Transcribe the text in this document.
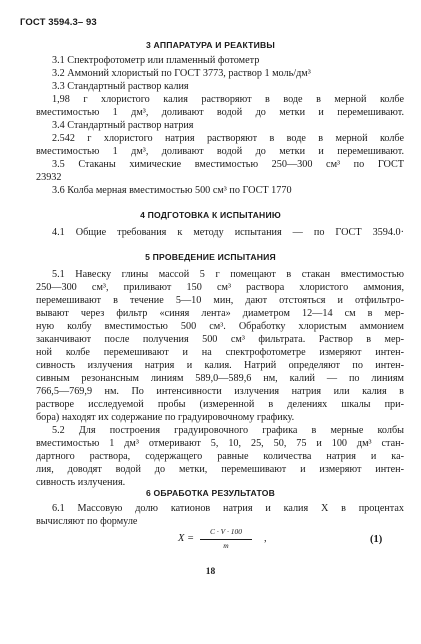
ГОСТ 3594.3– 93
3 АППАРАТУРА И РЕАКТИВЫ
3.1 Спектрофотометр или пламенный фотометр
3.2 Аммоний хлористый по ГОСТ 3773, раствор 1 моль/дм³
3.3 Стандартный раствор калия
1,98 г хлористого калия растворяют в воде в мерной колбе
вместимостью 1 дм³, доливают водой до метки и перемешивают.
3.4 Стандартный раствор натрия
2.542 г хлористого натрия растворяют в воде в мерной колбе
вместимостью 1 дм³, доливают водой до метки и перемешивают.
3.5 Стаканы химические вместимостью 250—300 см³ по ГОСТ
23932
3.6 Колба мерная вместимостью 500 см³ по ГОСТ 1770
4 ПОДГОТОВКА К ИСПЫТАНИЮ
4.1 Общие требования к методу испытания — по ГОСТ 3594.0·
5 ПРОВЕДЕНИЕ ИСПЫТАНИЯ
5.1 Навеску глины массой 5 г помещают в стакан вместимостью
250—300 см³, приливают 150 см³ раствора хлористого аммония,
перемешивают в течение 5—10 мин, дают отстояться и отфильтро-
вывают через фильтр «синяя лента» диаметром 12—14 см в мер-
ную колбу вместимостью 500 см³. Обработку хлористым аммонием
заканчивают после получения 500 см³ фильтрата. Раствор в мер-
ной колбе перемешивают и на спектрофотометре измеряют интен-
сивность излучения натрия и калия. Натрий определяют по интен-
сивным резонансным линиям 589,0—589,6 нм, калий — по линиям
766,5—769,9 нм. По интенсивности излучения натрия или калия в
растворе исследуемой пробы (измеренной в делениях шкалы при-
бора) находят их содержание по градуировочному графику.
5.2 Для построения градуировочного графика в мерные колбы
вместимостью 1 дм³ отмеривают 5, 10, 25, 50, 75 и 100 дм³ стан-
дартного раствора, содержащего равные количества натрия и ка-
лия, доводят водой до метки, перемешивают и измеряют интен-
сивность излучения.
6 ОБРАБОТКА РЕЗУЛЬТАТОВ
6.1 Массовую долю катионов натрия и калия X в процентах
вычисляют по формуле
X =
C · V · 100
m
,	(1)
18
